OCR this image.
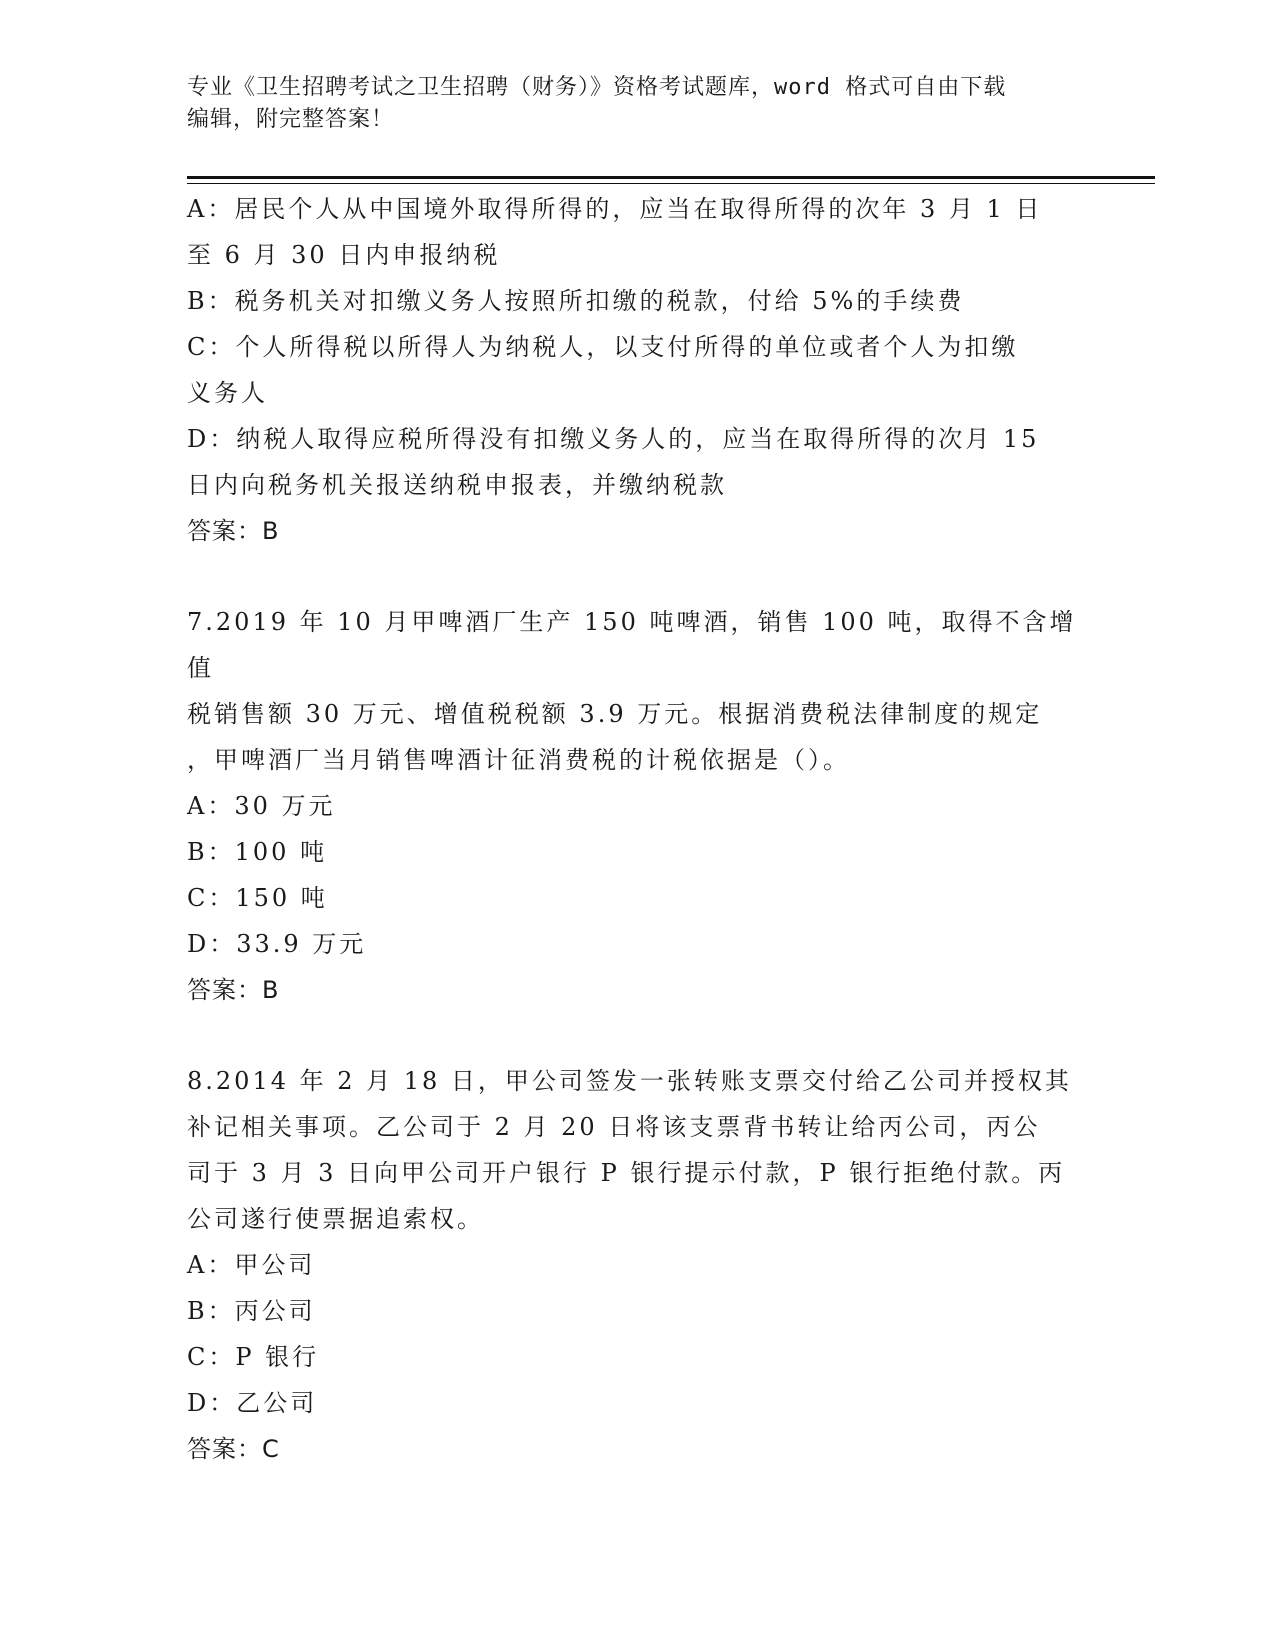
专业《卫生招聘考试之卫生招聘（财务）》资格考试题库，word 格式可自由下载
编辑，附完整答案！
A：居民个人从中国境外取得所得的，应当在取得所得的次年 3 月 1 日
至 6 月 30 日内申报纳税
B：税务机关对扣缴义务人按照所扣缴的税款，付给 5%的手续费
C：个人所得税以所得人为纳税人，以支付所得的单位或者个人为扣缴
义务人
D：纳税人取得应税所得没有扣缴义务人的，应当在取得所得的次月 15
日内向税务机关报送纳税申报表，并缴纳税款
答案：B
7.2019 年 10 月甲啤酒厂生产 150 吨啤酒，销售 100 吨，取得不含增值
税销售额 30 万元、增值税税额 3.9 万元。根据消费税法律制度的规定
，甲啤酒厂当月销售啤酒计征消费税的计税依据是（）。
A：30 万元
B：100 吨
C：150 吨
D：33.9 万元
答案：B
8.2014 年 2 月 18 日，甲公司签发一张转账支票交付给乙公司并授权其
补记相关事项。乙公司于 2 月 20 日将该支票背书转让给丙公司，丙公
司于 3 月 3 日向甲公司开户银行 P 银行提示付款，P 银行拒绝付款。丙
公司遂行使票据追索权。
A：甲公司
B：丙公司
C：P 银行
D：乙公司
答案：C
